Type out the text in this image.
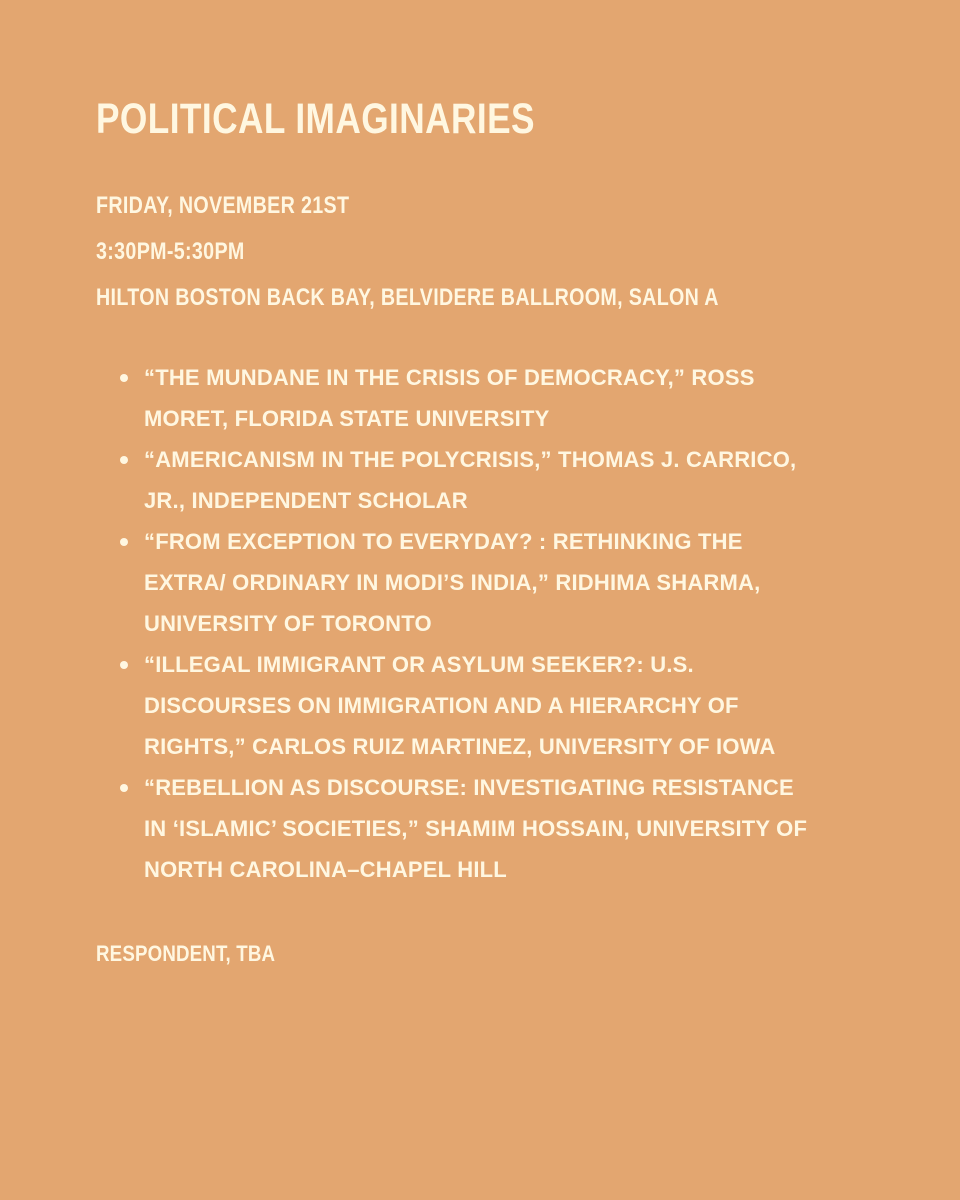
POLITICAL IMAGINARIES
FRIDAY, NOVEMBER 21ST
3:30PM-5:30PM
HILTON BOSTON BACK BAY, BELVIDERE BALLROOM, SALON A
“THE MUNDANE IN THE CRISIS OF DEMOCRACY,” ROSS MORET, FLORIDA STATE UNIVERSITY
“AMERICANISM IN THE POLYCRISIS,” THOMAS J. CARRICO, JR., INDEPENDENT SCHOLAR
“FROM EXCEPTION TO EVERYDAY? : RETHINKING THE EXTRA/ ORDINARY IN MODI’S INDIA,” RIDHIMA SHARMA, UNIVERSITY OF TORONTO
“ILLEGAL IMMIGRANT OR ASYLUM SEEKER?: U.S. DISCOURSES ON IMMIGRATION AND A HIERARCHY OF RIGHTS,” CARLOS RUIZ MARTINEZ, UNIVERSITY OF IOWA
“REBELLION AS DISCOURSE: INVESTIGATING RESISTANCE IN ‘ISLAMIC’ SOCIETIES,” SHAMIM HOSSAIN, UNIVERSITY OF NORTH CAROLINA–CHAPEL HILL
RESPONDENT, TBA
